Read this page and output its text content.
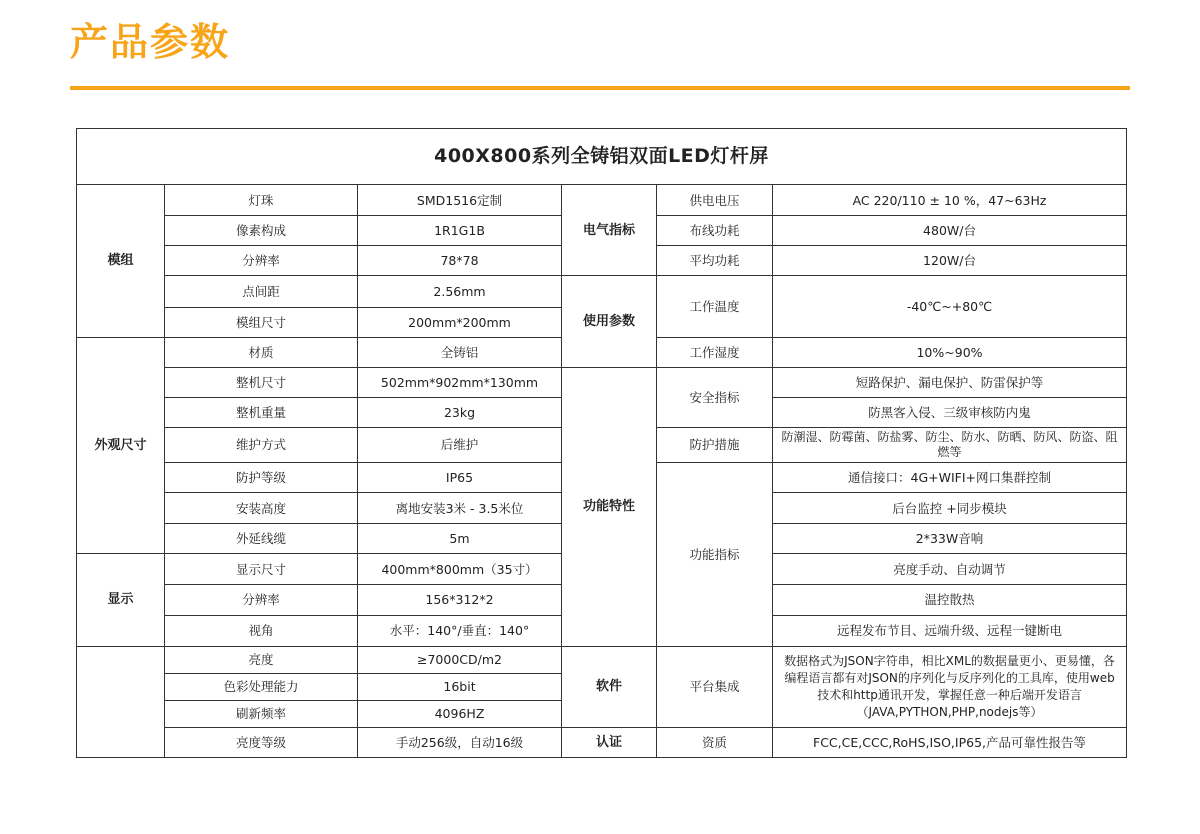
产品参数
400X800系列全铸铝双面LED灯杆屏					
模组	灯珠	SMD1516定制	电气指标	供电电压	AC 220/110 ± 10 %，47~63Hz
	像素构成	1R1G1B		布线功耗	480W/台
	分辨率	78*78		平均功耗	120W/台
	点间距	2.56mm	使用参数	工作温度	-40℃~+80℃
	模组尺寸	200mm*200mm			
外观尺寸	材质	全铸铝		工作湿度	10%~90%
	整机尺寸	502mm*902mm*130mm	功能特性	安全指标	短路保护、漏电保护、防雷保护等
	整机重量	23kg			防黑客入侵、三级审核防内鬼
	维护方式	后维护		防护措施	防潮湿、防霉菌、防盐雾、防尘、防水、防晒、防风、防盗、阻燃等
	防护等级	IP65		功能指标	通信接口：4G+WIFI+网口集群控制
	安装高度	离地安装3米 - 3.5米位			后台监控 +同步模块
	外延线缆	5m			2*33W音响
显示	显示尺寸	400mm*800mm（35寸）			亮度手动、自动调节
	分辨率	156*312*2			温控散热
	视角	水平：140°/垂直：140°			远程发布节目、远端升级、远程一键断电
	亮度	≥7000CD/m2	软件	平台集成	数据格式为JSON字符串，相比XML的数据量更小、更易懂，各编程语言都有对JSON的序列化与反序列化的工具库，使用web技术和http通讯开发，掌握任意一种后端开发语言（JAVA,PYTHON,PHP,nodejs等）
	色彩处理能力	16bit			
	刷新频率	4096HZ			
	亮度等级	手动256级，自动16级	认证	资质	FCC,CE,CCC,RoHS,ISO,IP65,产品可靠性报告等
